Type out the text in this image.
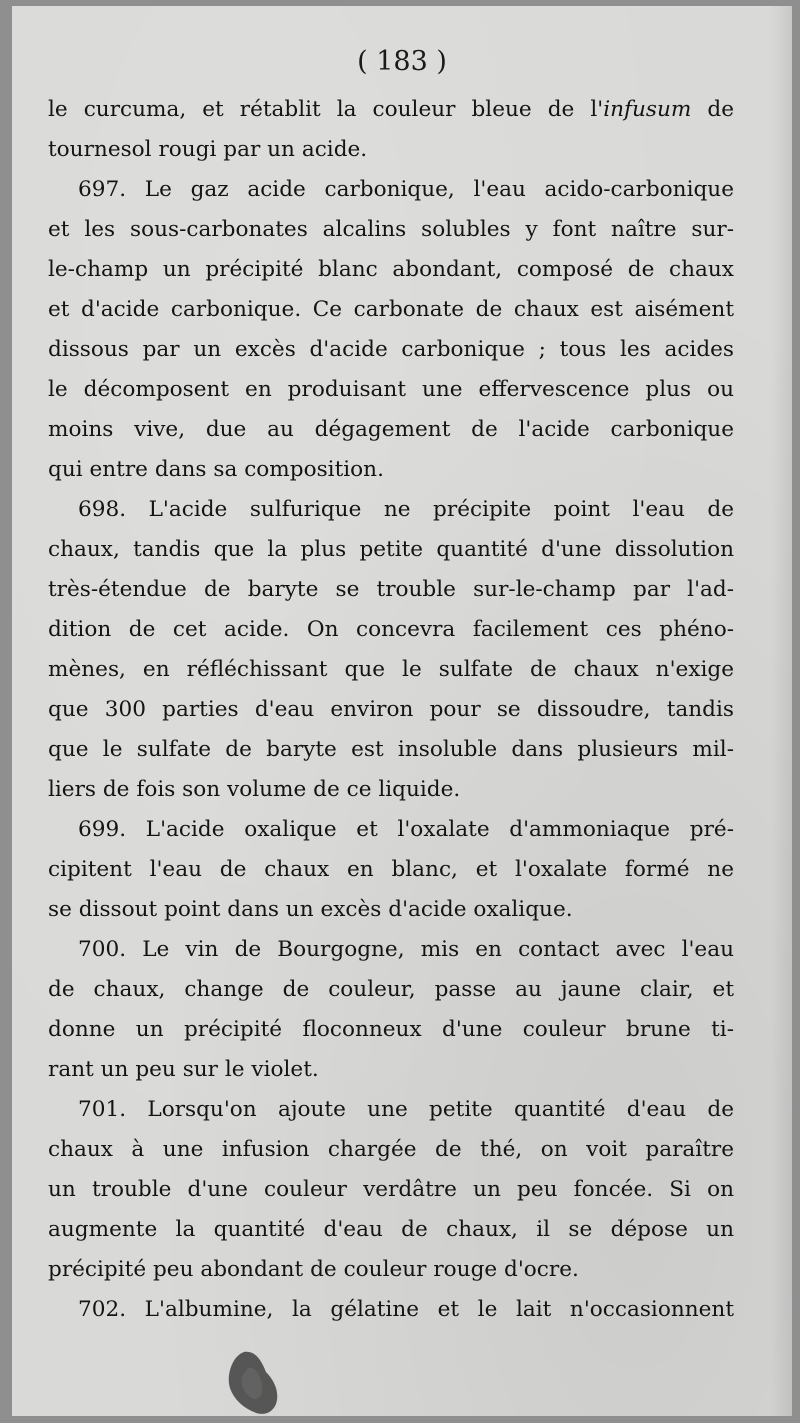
( 183 )
le curcuma, et rétablit la couleur bleue de l'infusum de
tournesol rougi par un acide.
697. Le gaz acide carbonique, l'eau acido-carbonique
et les sous-carbonates alcalins solubles y font naître sur-
le-champ un précipité blanc abondant, composé de chaux
et d'acide carbonique. Ce carbonate de chaux est aisément
dissous par un excès d'acide carbonique ; tous les acides
le décomposent en produisant une effervescence plus ou
moins vive, due au dégagement de l'acide carbonique
qui entre dans sa composition.
698. L'acide sulfurique ne précipite point l'eau de
chaux, tandis que la plus petite quantité d'une dissolution
très-étendue de baryte se trouble sur-le-champ par l'ad-
dition de cet acide. On concevra facilement ces phéno-
mènes, en réfléchissant que le sulfate de chaux n'exige
que 300 parties d'eau environ pour se dissoudre, tandis
que le sulfate de baryte est insoluble dans plusieurs mil-
liers de fois son volume de ce liquide.
699. L'acide oxalique et l'oxalate d'ammoniaque pré-
cipitent l'eau de chaux en blanc, et l'oxalate formé ne
se dissout point dans un excès d'acide oxalique.
700. Le vin de Bourgogne, mis en contact avec l'eau
de chaux, change de couleur, passe au jaune clair, et
donne un précipité floconneux d'une couleur brune ti-
rant un peu sur le violet.
701. Lorsqu'on ajoute une petite quantité d'eau de
chaux à une infusion chargée de thé, on voit paraître
un trouble d'une couleur verdâtre un peu foncée. Si on
augmente la quantité d'eau de chaux, il se dépose un
précipité peu abondant de couleur rouge d'ocre.
702. L'albumine, la gélatine et le lait n'occasionnent
